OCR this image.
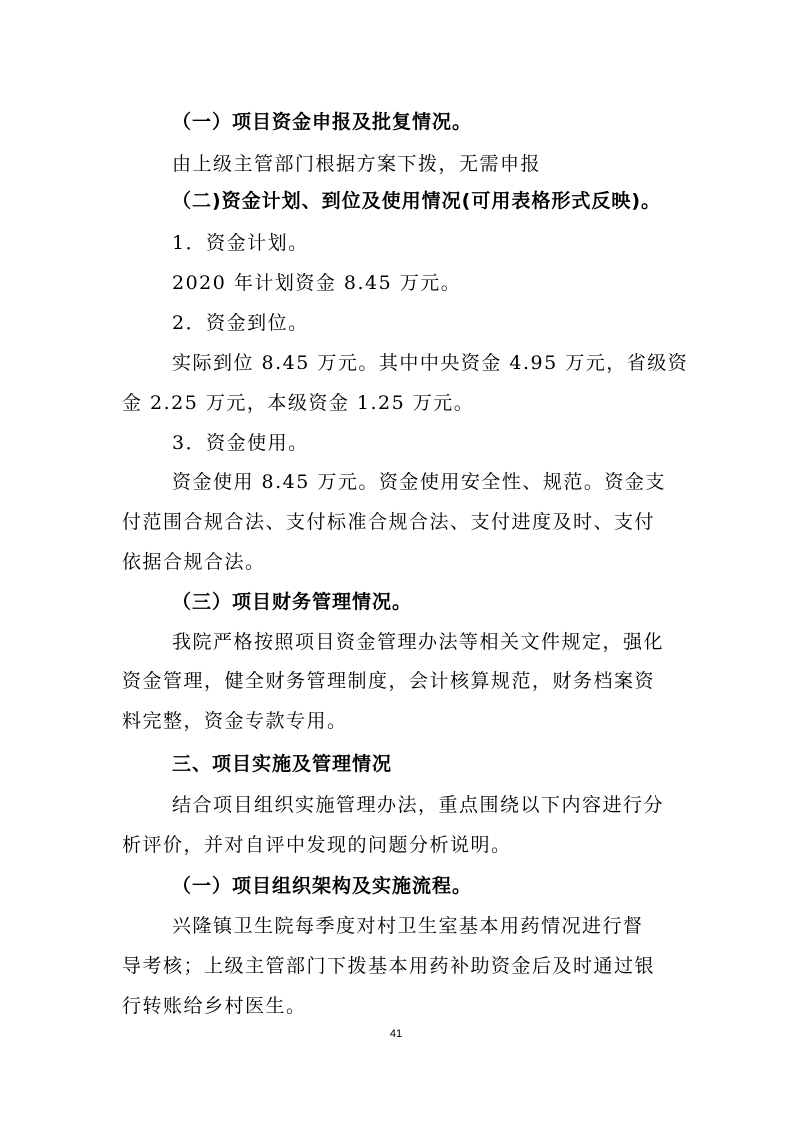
（一）项目资金申报及批复情况。
由上级主管部门根据方案下拨，无需申报
（二)资金计划、到位及使用情况(可用表格形式反映)。
1．资金计划。
2020 年计划资金 8.45 万元。
2．资金到位。
实际到位 8.45 万元。其中中央资金 4.95 万元，省级资
金 2.25 万元，本级资金 1.25 万元。
3．资金使用。
资金使用 8.45 万元。资金使用安全性、规范。资金支
付范围合规合法、支付标准合规合法、支付进度及时、支付
依据合规合法。
（三）项目财务管理情况。
我院严格按照项目资金管理办法等相关文件规定，强化
资金管理，健全财务管理制度，会计核算规范，财务档案资
料完整，资金专款专用。
三、项目实施及管理情况
结合项目组织实施管理办法，重点围绕以下内容进行分
析评价，并对自评中发现的问题分析说明。
（一）项目组织架构及实施流程。
兴隆镇卫生院每季度对村卫生室基本用药情况进行督
导考核；上级主管部门下拨基本用药补助资金后及时通过银
行转账给乡村医生。
41
